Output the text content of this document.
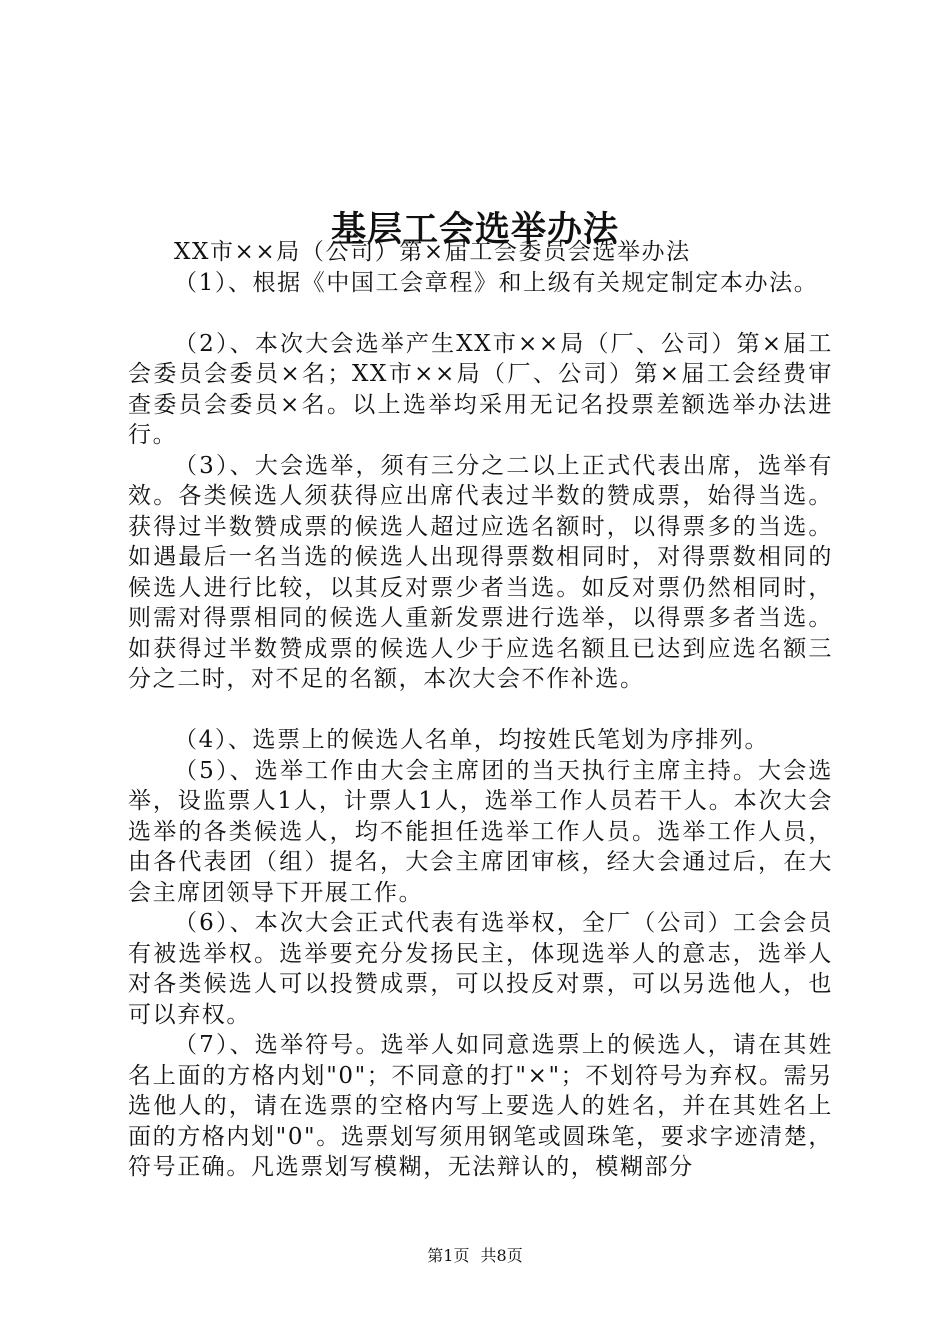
基层工会选举办法

XX市××局（公司）第×届工会委员会选举办法

（1）、根据《中国工会章程》和上级有关规定制定本办法。

（2）、本次大会选举产生XX市××局（厂、公司）第×届工会委员会委员×名；XX市××局（厂、公司）第×届工会经费审查委员会委员×名。以上选举均采用无记名投票差额选举办法进行。

（3）、大会选举，须有三分之二以上正式代表出席，选举有效。各类候选人须获得应出席代表过半数的赞成票，始得当选。获得过半数赞成票的候选人超过应选名额时，以得票多的当选。如遇最后一名当选的候选人出现得票数相同时，对得票数相同的候选人进行比较，以其反对票少者当选。如反对票仍然相同时，则需对得票相同的候选人重新发票进行选举，以得票多者当选。如获得过半数赞成票的候选人少于应选名额且已达到应选名额三分之二时，对不足的名额，本次大会不作补选。

（4）、选票上的候选人名单，均按姓氏笔划为序排列。

（5）、选举工作由大会主席团的当天执行主席主持。大会选举，设监票人1人，计票人1人，选举工作人员若干人。本次大会选举的各类候选人，均不能担任选举工作人员。选举工作人员，由各代表团（组）提名，大会主席团审核，经大会通过后，在大会主席团领导下开展工作。

（6）、本次大会正式代表有选举权，全厂（公司）工会会员有被选举权。选举要充分发扬民主，体现选举人的意志，选举人对各类候选人可以投赞成票，可以投反对票，可以另选他人，也可以弃权。

（7）、选举符号。选举人如同意选票上的候选人，请在其姓名上面的方格内划"0"；不同意的打"×"；不划符号为弃权。需另选他人的，请在选票的空格内写上要选人的姓名，并在其姓名上面的方格内划"0"。选票划写须用钢笔或圆珠笔，要求字迹清楚，符号正确。凡选票划写模糊，无法辩认的，模糊部分

第1页 共8页
